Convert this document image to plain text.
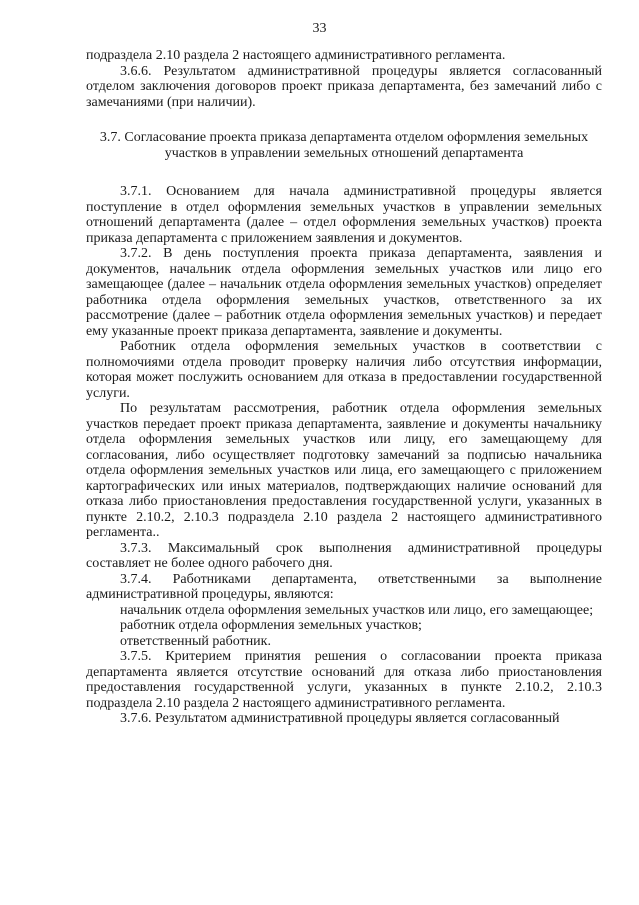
33

подраздела 2.10 раздела 2 настоящего административного регламента.

3.6.6. Результатом административной процедуры является согласованный отделом заключения договоров проект приказа департамента, без замечаний либо с замечаниями (при наличии).

3.7. Согласование проекта приказа департамента отделом оформления земельных участков в управлении земельных отношений департамента

3.7.1. Основанием для начала административной процедуры является поступление в отдел оформления земельных участков в управлении земельных отношений департамента (далее – отдел оформления земельных участков) проекта приказа департамента с приложением заявления и документов.

3.7.2. В день поступления проекта приказа департамента, заявления и документов, начальник отдела оформления земельных участков или лицо его замещающее (далее – начальник отдела оформления земельных участков) определяет работника отдела оформления земельных участков, ответственного за их рассмотрение (далее – работник отдела оформления земельных участков) и передает ему указанные проект приказа департамента, заявление и документы.

Работник отдела оформления земельных участков в соответствии с полномочиями отдела проводит проверку наличия либо отсутствия информации, которая может послужить основанием для отказа в предоставлении государственной услуги.

По результатам рассмотрения, работник отдела оформления земельных участков передает проект приказа департамента, заявление и документы начальнику отдела оформления земельных участков или лицу, его замещающему для согласования, либо осуществляет подготовку замечаний за подписью начальника отдела оформления земельных участков или лица, его замещающего с приложением картографических или иных материалов, подтверждающих наличие оснований для отказа либо приостановления предоставления государственной услуги, указанных в пункте 2.10.2, 2.10.3 подраздела 2.10 раздела 2 настоящего административного регламента..

3.7.3. Максимальный срок выполнения административной процедуры составляет не более одного рабочего дня.

3.7.4. Работниками департамента, ответственными за выполнение административной процедуры, являются:

начальник отдела оформления земельных участков или лицо, его замещающее;

работник отдела оформления земельных участков;

ответственный работник.

3.7.5. Критерием принятия решения о согласовании проекта приказа департамента является отсутствие оснований для отказа либо приостановления предоставления государственной услуги, указанных в пункте 2.10.2, 2.10.3 подраздела 2.10 раздела 2 настоящего административного регламента.

3.7.6. Результатом административной процедуры является согласованный
